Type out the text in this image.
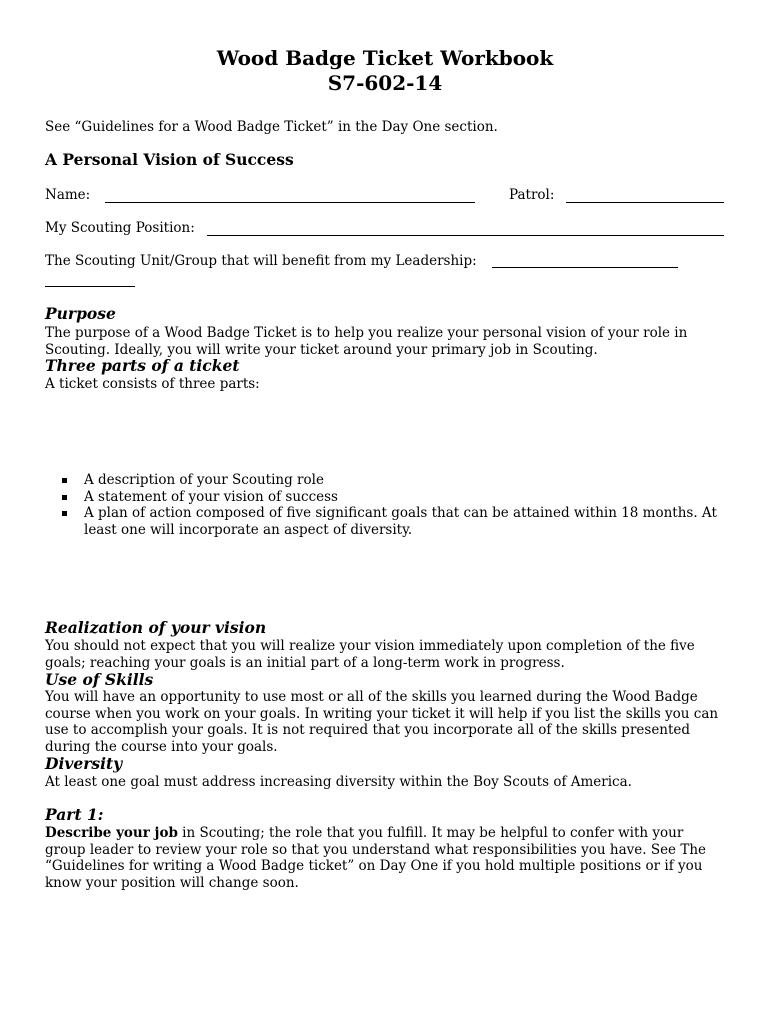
Wood Badge Ticket Workbook
S7-602-14

See “Guidelines for a Wood Badge Ticket” in the Day One section.

A Personal Vision of Success

Name:	Patrol:
My Scouting Position:
The Scouting Unit/Group that will benefit from my Leadership:

Purpose

The purpose of a Wood Badge Ticket is to help you realize your personal vision of your role in Scouting. Ideally, you will write your ticket around your primary job in Scouting.

Three parts of a ticket

A ticket consists of three parts:

A description of your Scouting role
A statement of your vision of success
A plan of action composed of five significant goals that can be attained within 18 months. At least one will incorporate an aspect of diversity.

Realization of your vision

You should not expect that you will realize your vision immediately upon completion of the five goals; reaching your goals is an initial part of a long-term work in progress.

Use of Skills

You will have an opportunity to use most or all of the skills you learned during the Wood Badge course when you work on your goals. In writing your ticket it will help if you list the skills you can use to accomplish your goals. It is not required that you incorporate all of the skills presented during the course into your goals.

Diversity

At least one goal must address increasing diversity within the Boy Scouts of America.

Part 1:

Describe your job in Scouting; the role that you fulfill. It may be helpful to confer with your group leader to review your role so that you understand what responsibilities you have. See The “Guidelines for writing a Wood Badge ticket” on Day One if you hold multiple positions or if you know your position will change soon.
